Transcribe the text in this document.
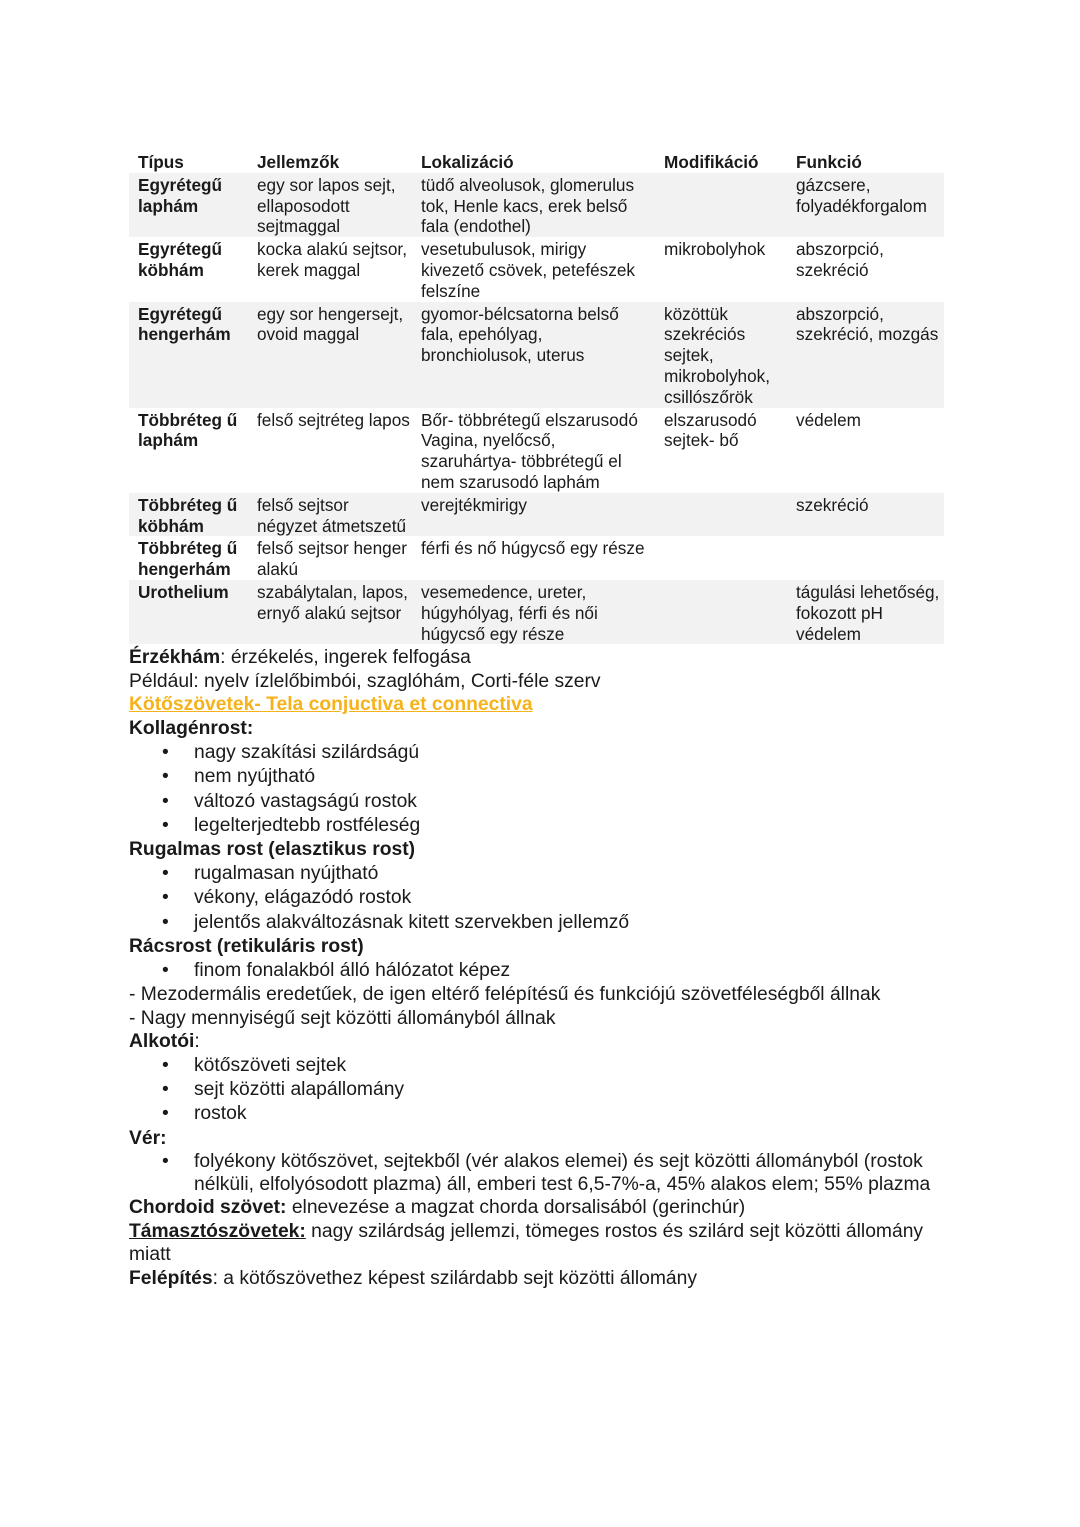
Típus	Jellemzők	Lokalizáció	Modifikáció	Funkció
Egyrétegű laphám	egy sor lapos sejt, ellaposodott sejtmaggal	tüdő alveolusok, glomerulus tok, Henle kacs, erek belső fala (endothel)		gázcsere, folyadékforgalom
Egyrétegű köbhám	kocka alakú sejtsor, kerek maggal	vesetubulusok, mirigy kivezető csövek, petefészek felszíne	mikrobolyhok	abszorpció, szekréció
Egyrétegű hengerhám	egy sor hengersejt, ovoid maggal	gyomor-bélcsatorna belső fala, epehólyag, bronchiolusok, uterus	közöttük szekréciós sejtek, mikrobolyhok, csillószőrök	abszorpció, szekréció, mozgás
Többréteg ű laphám	felső sejtréteg lapos	Bőr- többrétegű elszarusodó Vagina, nyelőcső, szaruhártya- többrétegű el nem szarusodó laphám	elszarusodó sejtek- bő	védelem
Többréteg ű köbhám	felső sejtsor négyzet átmetszetű	verejtékmirigy		szekréció
Többréteg ű hengerhám	felső sejtsor henger alakú	férfi és nő húgycső egy része		
Urothelium	szabálytalan, lapos, ernyő alakú sejtsor	vesemedence, ureter, húgyhólyag, férfi és női húgycső egy része		tágulási lehetőség, fokozott pH védelem
Érzékhám: érzékelés, ingerek felfogása
Például: nyelv ízlelőbimbói, szaglóhám, Corti-féle szerv
Kötőszövetek- Tela conjuctiva et connectiva
Kollagénrost:
• nagy szakítási szilárdságú
• nem nyújtható
• változó vastagságú rostok
• legelterjedtebb rostféleség
Rugalmas rost (elasztikus rost)
• rugalmasan nyújtható
• vékony, elágazódó rostok
• jelentős alakváltozásnak kitett szervekben jellemző
Rácsrost (retikuláris rost)
• finom fonalakból álló hálózatot képez
- Mezodermális eredetűek, de igen eltérő felépítésű és funkciójú szövetféleségből állnak
- Nagy mennyiségű sejt közötti állományból állnak
Alkotói:
• kötőszöveti sejtek
• sejt közötti alapállomány
• rostok
Vér:
• folyékony kötőszövet, sejtekből (vér alakos elemei) és sejt közötti állományból (rostok nélküli, elfolyósodott plazma) áll, emberi test 6,5-7%-a, 45% alakos elem; 55% plazma
Chordoid szövet: elnevezése a magzat chorda dorsalisából (gerinchúr)
Támasztószövetek: nagy szilárdság jellemzi, tömeges rostos és szilárd sejt közötti állomány
miatt
Felépítés: a kötőszövethez képest szilárdabb sejt közötti állomány
